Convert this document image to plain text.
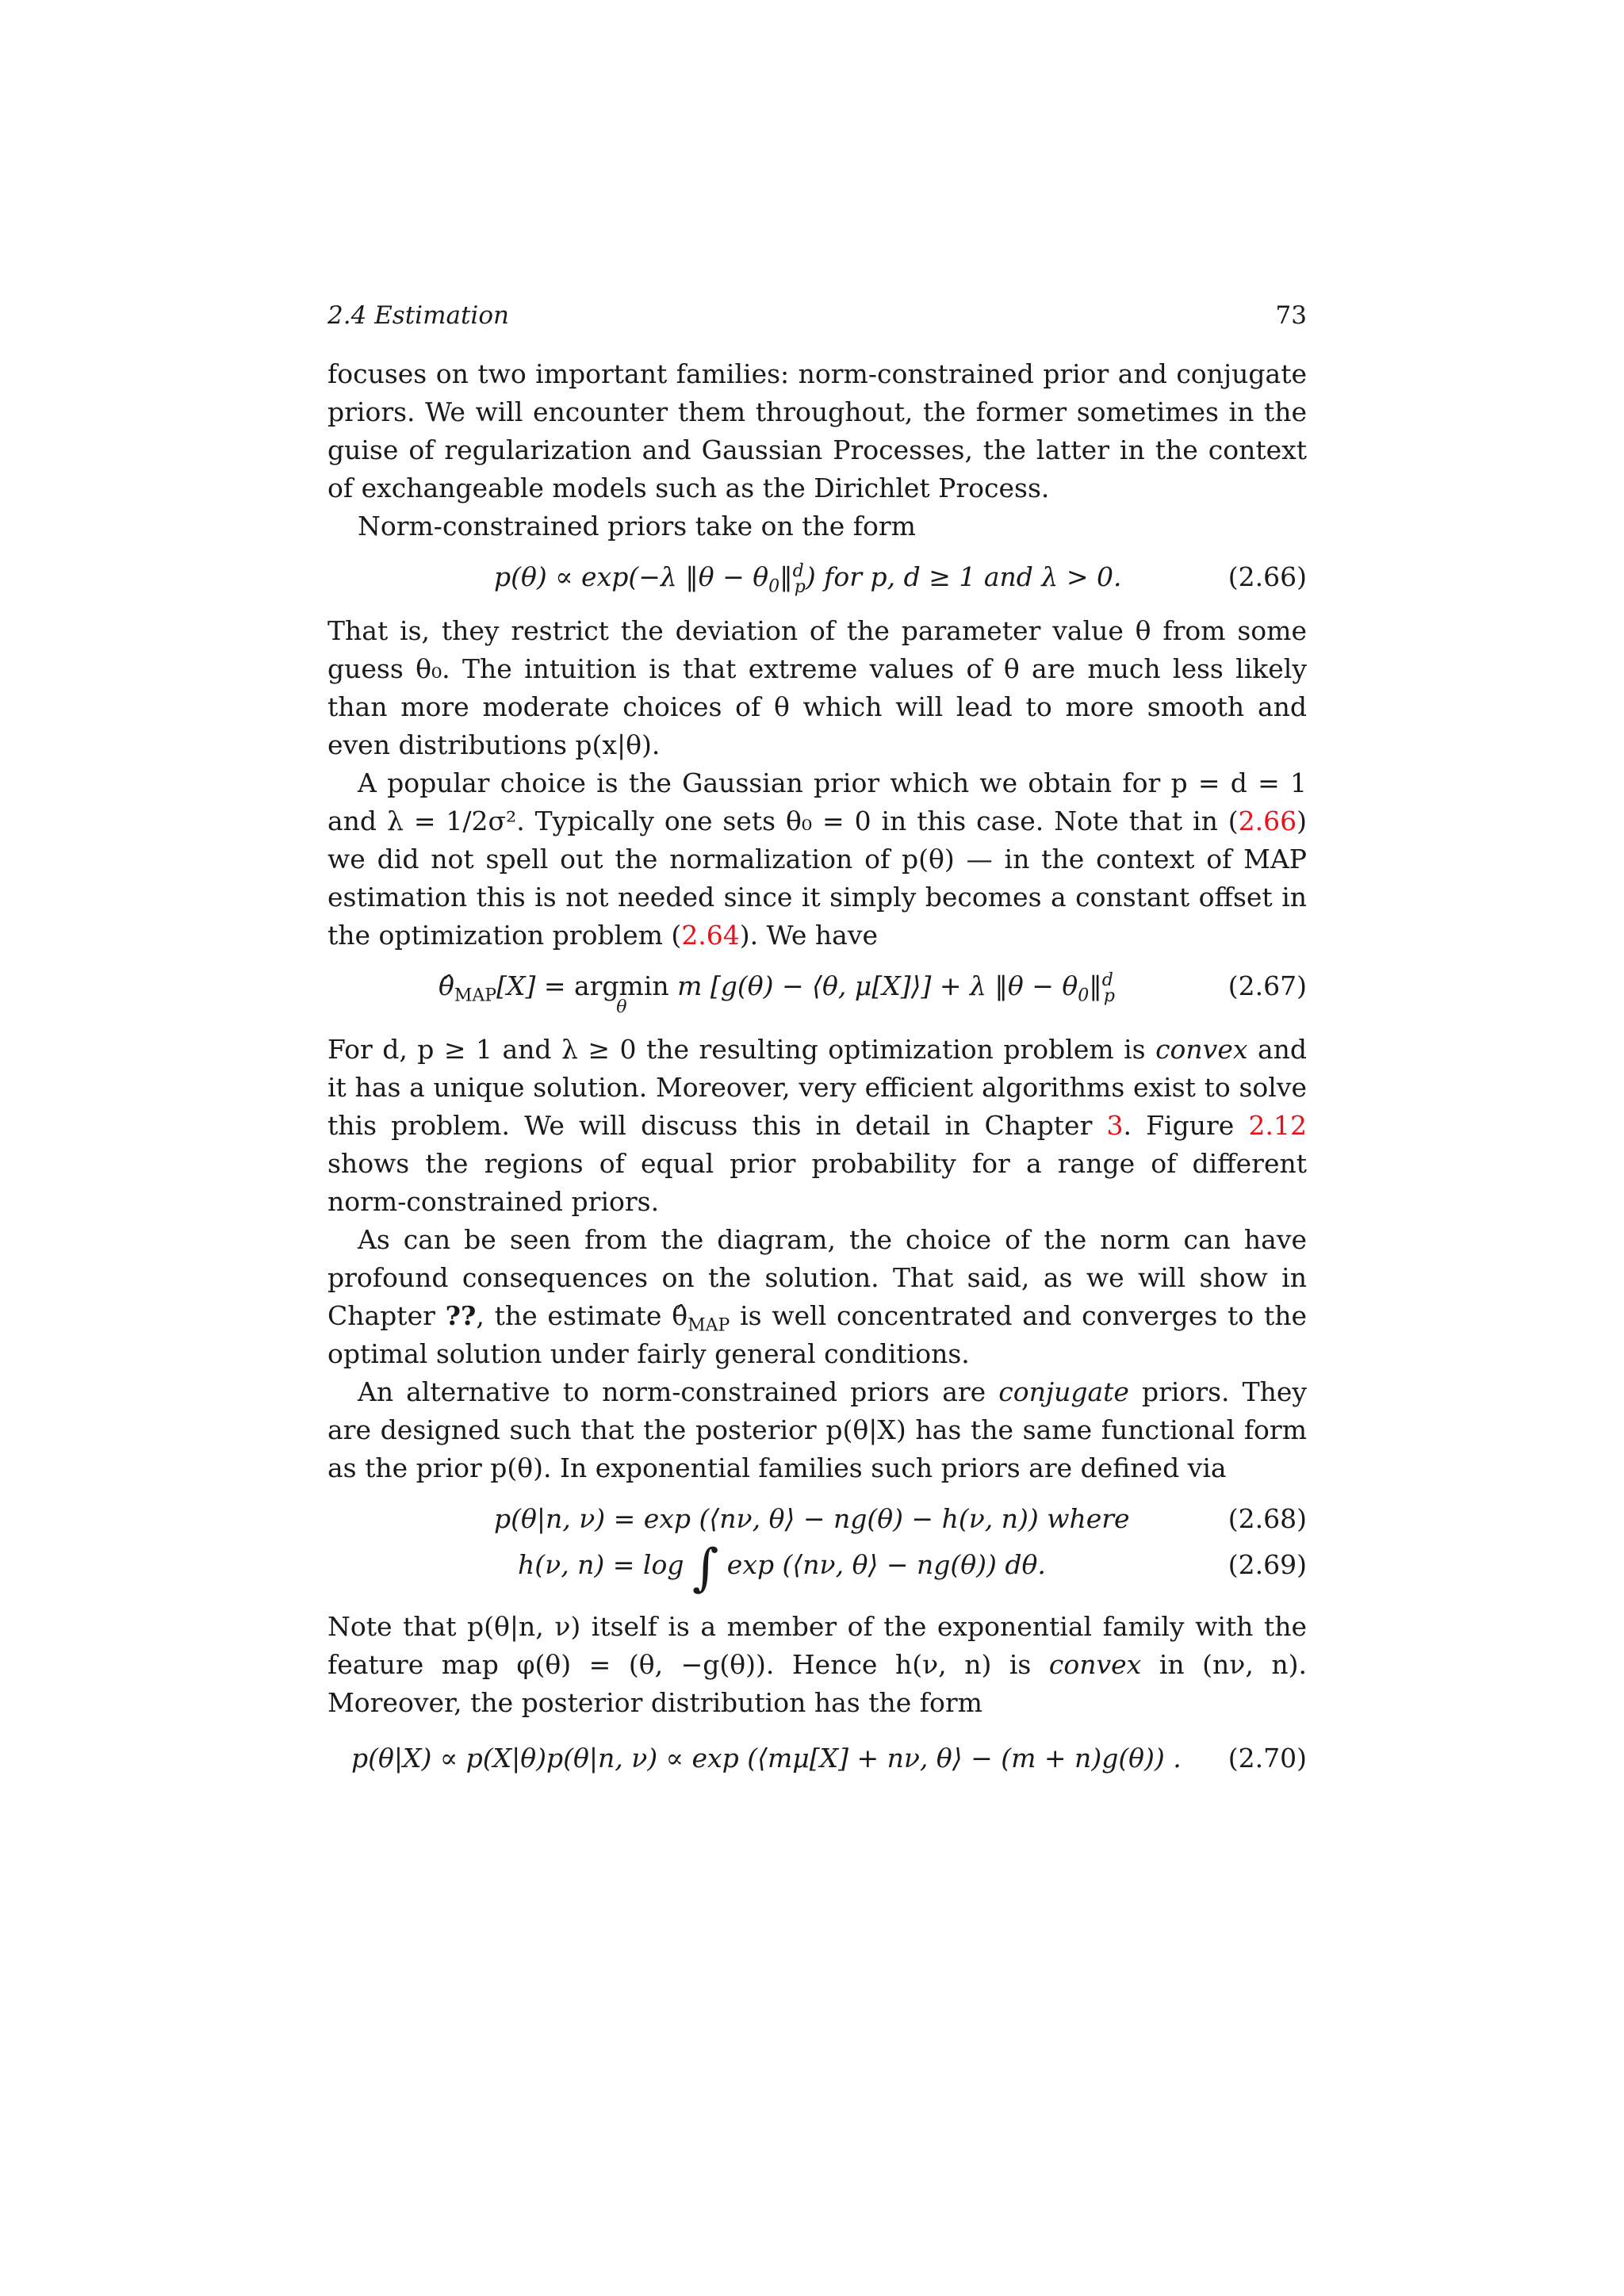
2.4 Estimation	73

focuses on two important families: norm-constrained prior and conjugate priors. We will encounter them throughout, the former sometimes in the guise of regularization and Gaussian Processes, the latter in the context of exchangeable models such as the Dirichlet Process.

Norm-constrained priors take on the form

p(θ) ∝ exp(−λ ‖θ − $\theta_0‖^d_p$) for p, d ≥ 1 and λ > 0.	(2.66)

That is, they restrict the deviation of the parameter value θ from some guess θ₀. The intuition is that extreme values of θ are much less likely than more moderate choices of θ which will lead to more smooth and even distributions p(x|θ).

A popular choice is the Gaussian prior which we obtain for p = d = 1 and λ = 1/2σ². Typically one sets θ₀ = 0 in this case. Note that in (2.66) we did not spell out the normalization of p(θ) — in the context of MAP estimation this is not needed since it simply becomes a constant offset in the optimization problem (2.64). We have

$\thetâ_{MAP}[X] = argmin$
θ
m [g(θ) − ⟨θ, μ[X]⟩] + λ ‖θ − $\theta_0‖^d_p$	(2.67)

For d, p ≥ 1 and λ ≥ 0 the resulting optimization problem is convex and it has a unique solution. Moreover, very efficient algorithms exist to solve this problem. We will discuss this in detail in Chapter 3. Figure 2.12 shows the regions of equal prior probability for a range of different norm-constrained priors.

As can be seen from the diagram, the choice of the norm can have profound consequences on the solution. That said, as we will show in Chapter ??, the estimate $\thetâ_{MAP}$ is well concentrated and converges to the optimal solution under fairly general conditions.

An alternative to norm-constrained priors are conjugate priors. They are designed such that the posterior p(θ|X) has the same functional form as the prior p(θ). In exponential families such priors are defined via

p(θ|n, ν) = exp (⟨nν, θ⟩ − ng(θ) − h(ν, n)) where	(2.68)
h(ν, n) = log ∫ exp (⟨nν, θ⟩ − ng(θ)) dθ.	(2.69)

Note that p(θ|n, ν) itself is a member of the exponential family with the feature map φ(θ) = (θ, −g(θ)). Hence h(ν, n) is convex in (nν, n). Moreover, the posterior distribution has the form

p(θ|X) ∝ p(X|θ)p(θ|n, ν) ∝ exp (⟨mμ[X] + nν, θ⟩ − (m + n)g(θ)) . (2.70)
